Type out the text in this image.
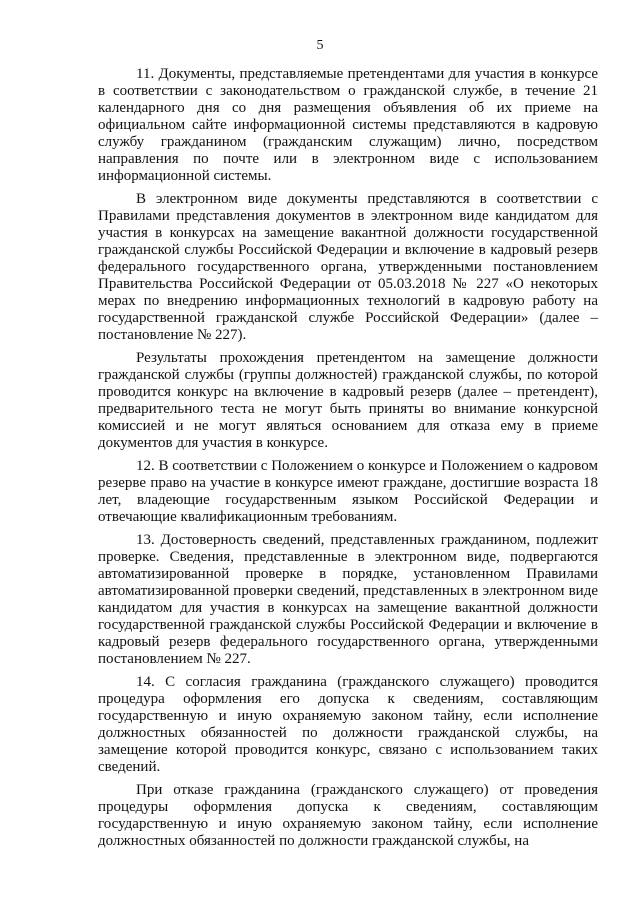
5

11. Документы, представляемые претендентами для участия в конкурсе в соответствии с законодательством о гражданской службе, в течение 21 календарного дня со дня размещения объявления об их приеме на официальном сайте информационной системы представляются в кадровую службу гражданином (гражданским служащим) лично, посредством направления по почте или в электронном виде с использованием информационной системы.

В электронном виде документы представляются в соответствии с Правилами представления документов в электронном виде кандидатом для участия в конкурсах на замещение вакантной должности государственной гражданской службы Российской Федерации и включение в кадровый резерв федерального государственного органа, утвержденными постановлением Правительства Российской Федерации от 05.03.2018 № 227 «О некоторых мерах по внедрению информационных технологий в кадровую работу на государственной гражданской службе Российской Федерации» (далее – постановление № 227).

Результаты прохождения претендентом на замещение должности гражданской службы (группы должностей) гражданской службы, по которой проводится конкурс на включение в кадровый резерв (далее – претендент), предварительного теста не могут быть приняты во внимание конкурсной комиссией и не могут являться основанием для отказа ему в приеме документов для участия в конкурсе.

12. В соответствии с Положением о конкурсе и Положением о кадровом резерве право на участие в конкурсе имеют граждане, достигшие возраста 18 лет, владеющие государственным языком Российской Федерации и отвечающие квалификационным требованиям.

13. Достоверность сведений, представленных гражданином, подлежит проверке. Сведения, представленные в электронном виде, подвергаются автоматизированной проверке в порядке, установленном Правилами автоматизированной проверки сведений, представленных в электронном виде кандидатом для участия в конкурсах на замещение вакантной должности государственной гражданской службы Российской Федерации и включение в кадровый резерв федерального государственного органа, утвержденными постановлением № 227.

14. С согласия гражданина (гражданского служащего) проводится процедура оформления его допуска к сведениям, составляющим государственную и иную охраняемую законом тайну, если исполнение должностных обязанностей по должности гражданской службы, на замещение которой проводится конкурс, связано с использованием таких сведений.

При отказе гражданина (гражданского служащего) от проведения процедуры оформления допуска к сведениям, составляющим государственную и иную охраняемую законом тайну, если исполнение должностных обязанностей по должности гражданской службы, на
